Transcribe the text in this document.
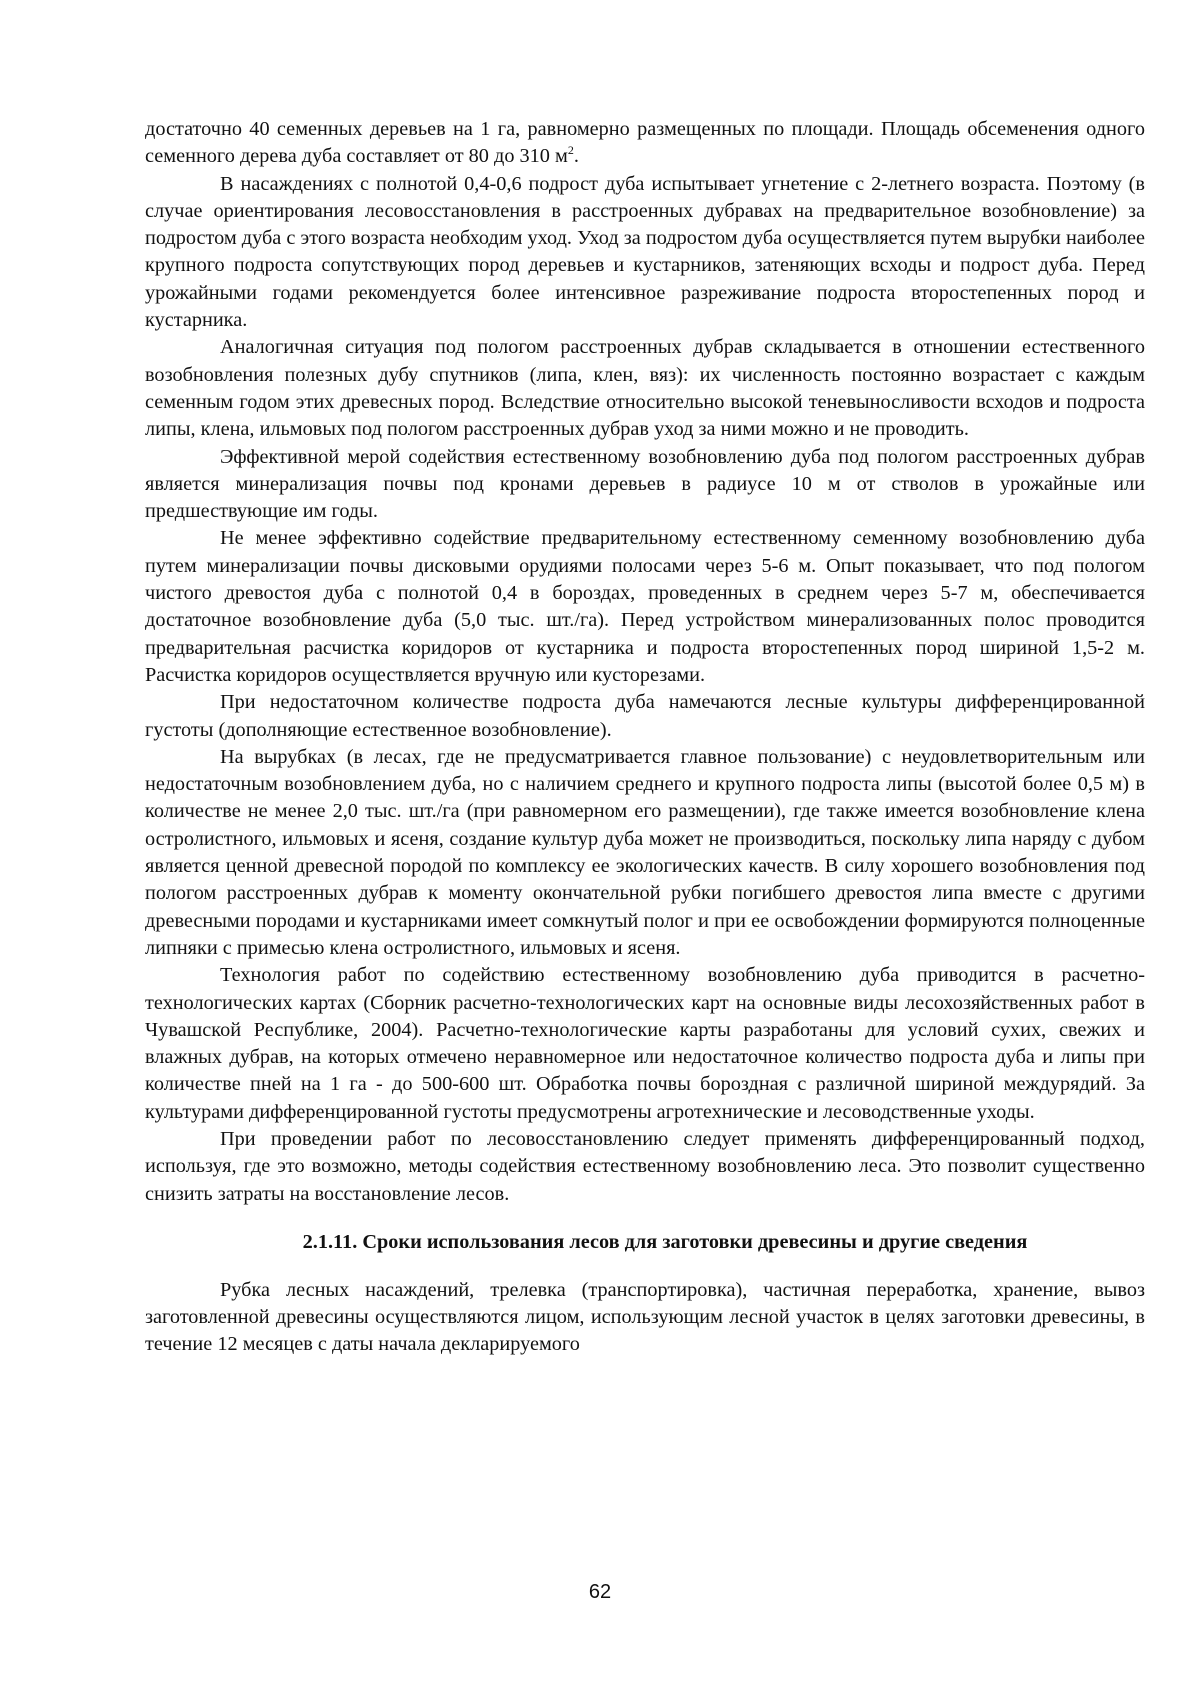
достаточно 40 семенных деревьев на 1 га, равномерно размещенных по площади. Площадь обсеменения одного семенного дерева дуба составляет от 80 до 310 $м^2$.

В насаждениях с полнотой 0,4-0,6 подрост дуба испытывает угнетение с 2-летнего возраста. Поэтому (в случае ориентирования лесовосстановления в расстроенных дубравах на предварительное возобновление) за подростом дуба с этого возраста необходим уход. Уход за подростом дуба осуществляется путем вырубки наиболее крупного подроста сопутствующих пород деревьев и кустарников, затеняющих всходы и подрост дуба. Перед урожайными годами рекомендуется более интенсивное разреживание подроста второстепенных пород и кустарника.

Аналогичная ситуация под пологом расстроенных дубрав складывается в отношении естественного возобновления полезных дубу спутников (липа, клен, вяз): их численность постоянно возрастает с каждым семенным годом этих древесных пород. Вследствие относительно высокой теневыносливости всходов и подроста липы, клена, ильмовых под пологом расстроенных дубрав уход за ними можно и не проводить.

Эффективной мерой содействия естественному возобновлению дуба под пологом расстроенных дубрав является минерализация почвы под кронами деревьев в радиусе 10 м от стволов в урожайные или предшествующие им годы.

Не менее эффективно содействие предварительному естественному семенному возобновлению дуба путем минерализации почвы дисковыми орудиями полосами через 5-6 м. Опыт показывает, что под пологом чистого древостоя дуба с полнотой 0,4 в бороздах, проведенных в среднем через 5-7 м, обеспечивается достаточное возобновление дуба (5,0 тыс. шт./га). Перед устройством минерализованных полос проводится предварительная расчистка коридоров от кустарника и подроста второстепенных пород шириной 1,5-2 м. Расчистка коридоров осуществляется вручную или кусторезами.

При недостаточном количестве подроста дуба намечаются лесные культуры дифференцированной густоты (дополняющие естественное возобновление).

На вырубках (в лесах, где не предусматривается главное пользование) с неудовлетворительным или недостаточным возобновлением дуба, но с наличием среднего и крупного подроста липы (высотой более 0,5 м) в количестве не менее 2,0 тыс. шт./га (при равномерном его размещении), где также имеется возобновление клена остролистного, ильмовых и ясеня, создание культур дуба может не производиться, поскольку липа наряду с дубом является ценной древесной породой по комплексу ее экологических качеств. В силу хорошего возобновления под пологом расстроенных дубрав к моменту окончательной рубки погибшего древостоя липа вместе с другими древесными породами и кустарниками имеет сомкнутый полог и при ее освобождении формируются полноценные липняки с примесью клена остролистного, ильмовых и ясеня.

Технология работ по содействию естественному возобновлению дуба приводится в расчетно-технологических картах (Сборник расчетно-технологических карт на основные виды лесохозяйственных работ в Чувашской Республике, 2004). Расчетно-технологические карты разработаны для условий сухих, свежих и влажных дубрав, на которых отмечено неравномерное или недостаточное количество подроста дуба и липы при количестве пней на 1 га - до 500-600 шт. Обработка почвы бороздная с различной шириной междурядий. За культурами дифференцированной густоты предусмотрены агротехнические и лесоводственные уходы.

При проведении работ по лесовосстановлению следует применять дифференцированный подход, используя, где это возможно, методы содействия естественному возобновлению леса. Это позволит существенно снизить затраты на восстановление лесов.

2.1.11. Сроки использования лесов для заготовки древесины и другие сведения

Рубка лесных насаждений, трелевка (транспортировка), частичная переработка, хранение, вывоз заготовленной древесины осуществляются лицом, использующим лесной участок в целях заготовки древесины, в течение 12 месяцев с даты начала декларируемого

62
